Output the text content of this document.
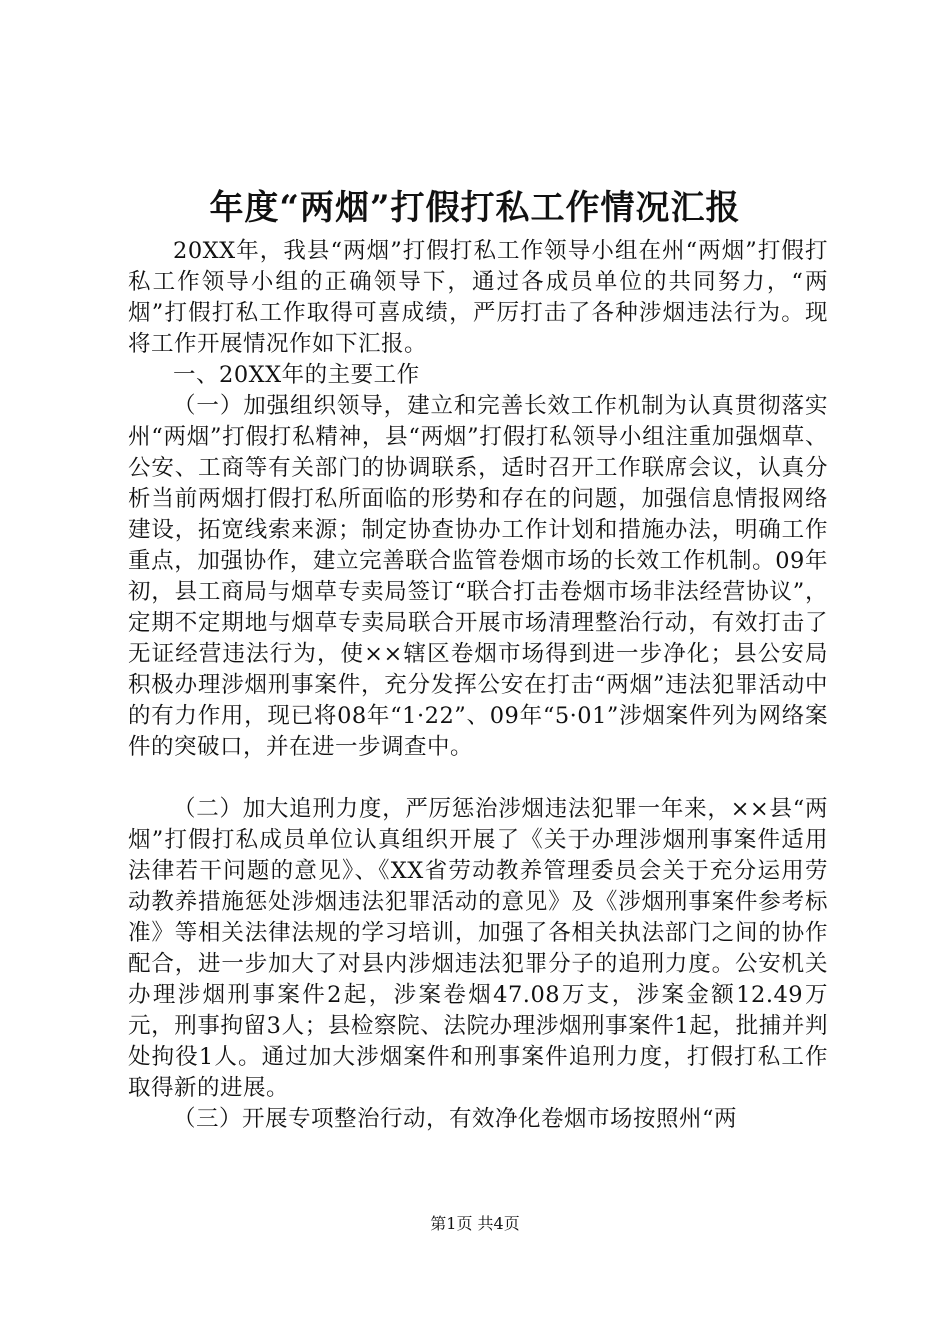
年度“两烟”打假打私工作情况汇报

20XX年，我县“两烟”打假打私工作领导小组在州“两烟”打假打私工作领导小组的正确领导下，通过各成员单位的共同努力，“两烟”打假打私工作取得可喜成绩，严厉打击了各种涉烟违法行为。现将工作开展情况作如下汇报。

一、20XX年的主要工作

（一）加强组织领导，建立和完善长效工作机制为认真贯彻落实州“两烟”打假打私精神，县“两烟”打假打私领导小组注重加强烟草、公安、工商等有关部门的协调联系，适时召开工作联席会议，认真分析当前两烟打假打私所面临的形势和存在的问题，加强信息情报网络建设，拓宽线索来源；制定协查协办工作计划和措施办法，明确工作重点，加强协作，建立完善联合监管卷烟市场的长效工作机制。09年初，县工商局与烟草专卖局签订“联合打击卷烟市场非法经营协议”，定期不定期地与烟草专卖局联合开展市场清理整治行动，有效打击了无证经营违法行为，使××辖区卷烟市场得到进一步净化；县公安局积极办理涉烟刑事案件，充分发挥公安在打击“两烟”违法犯罪活动中的有力作用，现已将08年“1·22”、09年“5·01”涉烟案件列为网络案件的突破口，并在进一步调查中。

（二）加大追刑力度，严厉惩治涉烟违法犯罪一年来，××县“两烟”打假打私成员单位认真组织开展了《关于办理涉烟刑事案件适用法律若干问题的意见》、《XX省劳动教养管理委员会关于充分运用劳动教养措施惩处涉烟违法犯罪活动的意见》及《涉烟刑事案件参考标准》等相关法律法规的学习培训，加强了各相关执法部门之间的协作配合，进一步加大了对县内涉烟违法犯罪分子的追刑力度。公安机关办理涉烟刑事案件2起，涉案卷烟47.08万支，涉案金额12.49万元，刑事拘留3人；县检察院、法院办理涉烟刑事案件1起，批捕并判处拘役1人。通过加大涉烟案件和刑事案件追刑力度，打假打私工作取得新的进展。

（三）开展专项整治行动，有效净化卷烟市场按照州“两

第1页 共4页
